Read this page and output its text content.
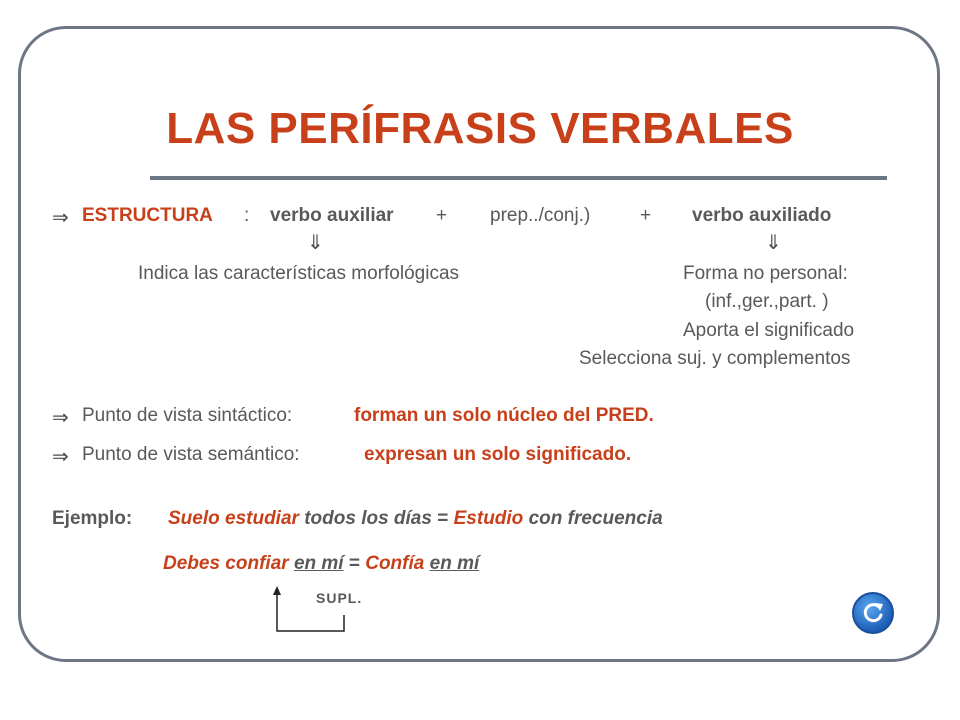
LAS PERÍFRASIS VERBALES
⇒ ESTRUCTURA : verbo auxiliar + prep../conj.)	+ verbo auxiliado
⇓	⇓
Indica las características morfológicas	Forma no personal:
(inf.,ger.,part. )
Aporta el significado
Selecciona suj. y complementos
⇒ Punto de vista sintáctico:	forman un solo núcleo del PRED.
⇒ Punto de vista semántico:	expresan un solo significado.
Ejemplo: Suelo estudiar todos los días = Estudio con frecuencia
Debes confiar en mí = Confía en mí
SUPL.
